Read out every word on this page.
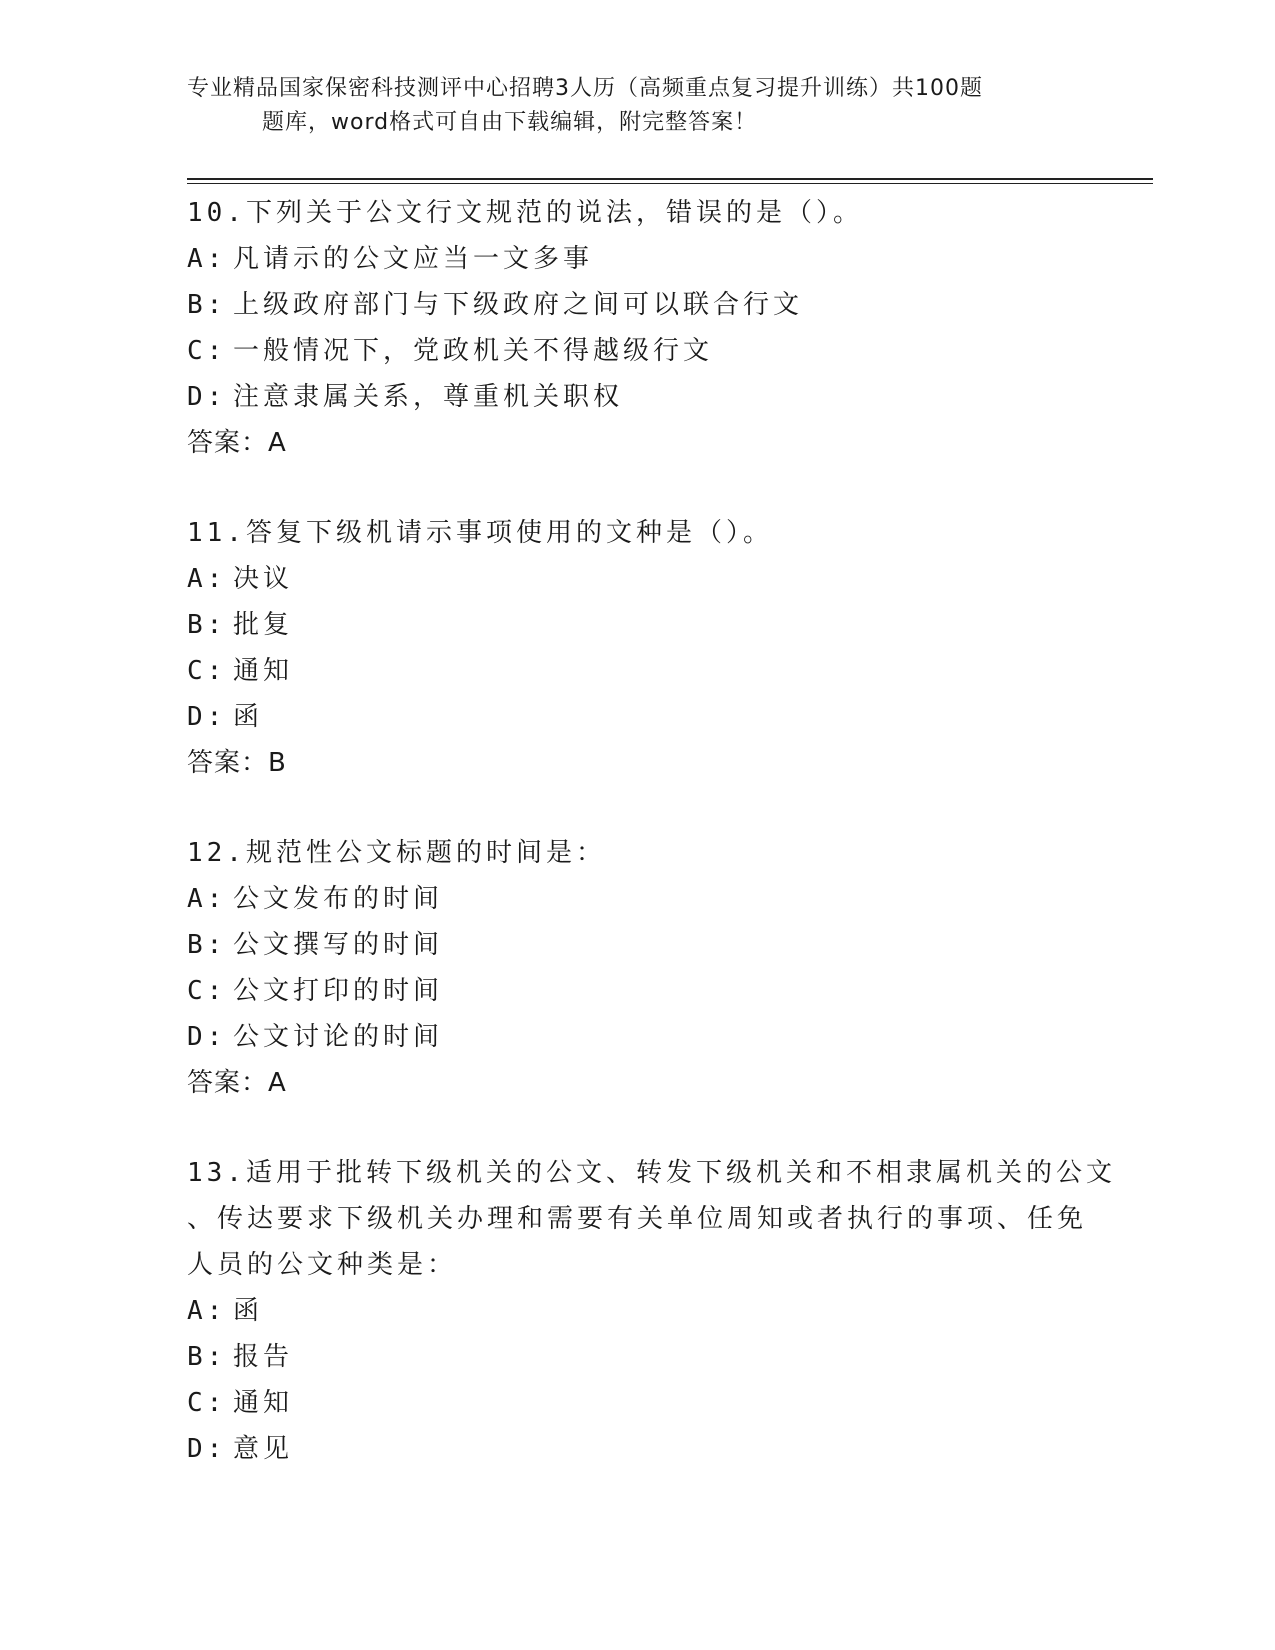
专业精品国家保密科技测评中心招聘3人历（高频重点复习提升训练）共100题
题库，word格式可自由下载编辑，附完整答案！
10.下列关于公文行文规范的说法，错误的是（）。
A: 凡请示的公文应当一文多事
B: 上级政府部门与下级政府之间可以联合行文
C: 一般情况下，党政机关不得越级行文
D: 注意隶属关系，尊重机关职权
答案：A
11.答复下级机请示事项使用的文种是（）。
A: 决议
B: 批复
C: 通知
D: 函
答案：B
12.规范性公文标题的时间是：
A: 公文发布的时间
B: 公文撰写的时间
C: 公文打印的时间
D: 公文讨论的时间
答案：A
13.适用于批转下级机关的公文、转发下级机关和不相隶属机关的公文
、传达要求下级机关办理和需要有关单位周知或者执行的事项、任免
人员的公文种类是：
A: 函
B: 报告
C: 通知
D: 意见
